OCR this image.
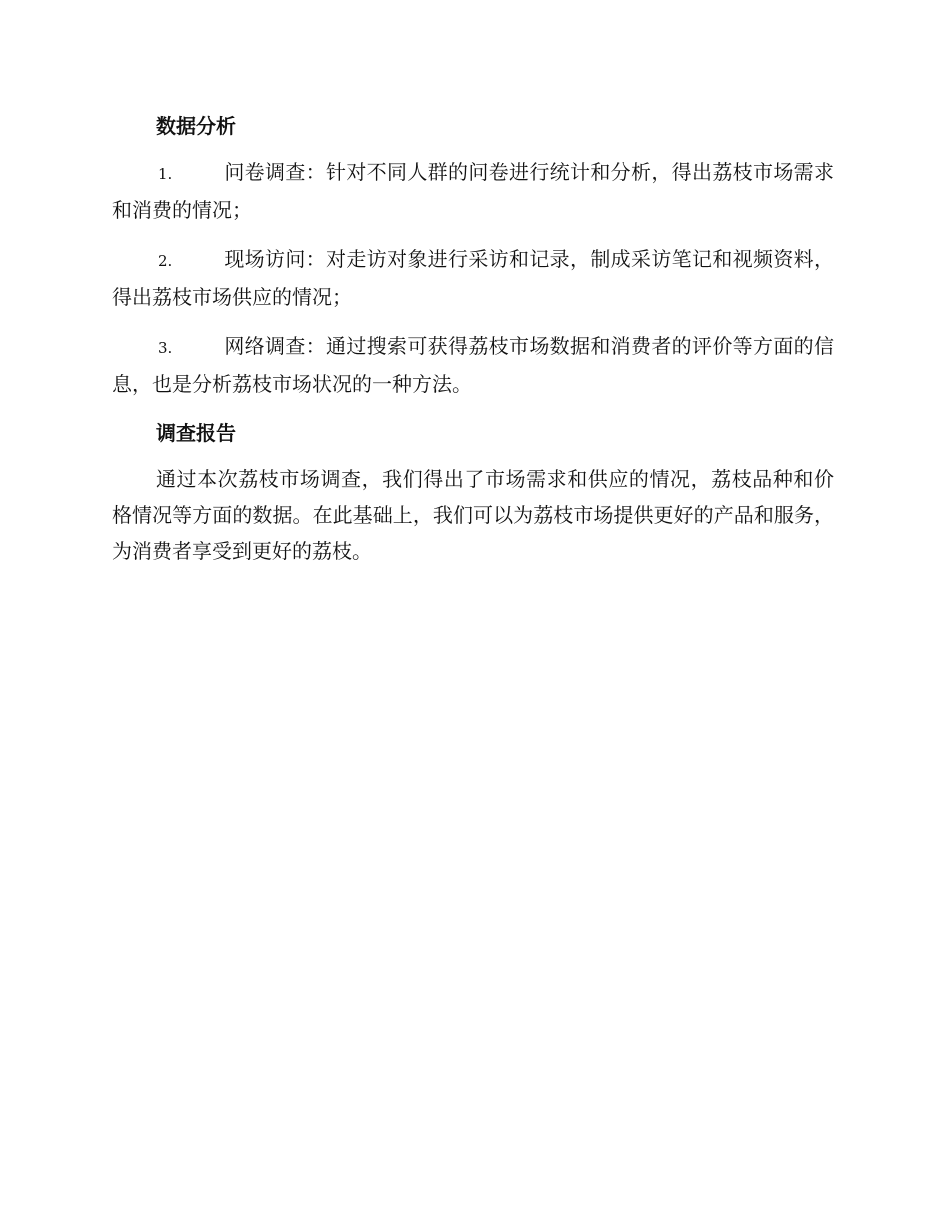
数据分析
1.	问卷调查：针对不同人群的问卷进行统计和分析，得出荔枝市场需求和消费的情况；
2.	现场访问：对走访对象进行采访和记录，制成采访笔记和视频资料，得出荔枝市场供应的情况；
3.	网络调查：通过搜索可获得荔枝市场数据和消费者的评价等方面的信息，也是分析荔枝市场状况的一种方法。
调查报告

通过本次荔枝市场调查，我们得出了市场需求和供应的情况，荔枝品种和价格情况等方面的数据。在此基础上，我们可以为荔枝市场提供更好的产品和服务，为消费者享受到更好的荔枝。
